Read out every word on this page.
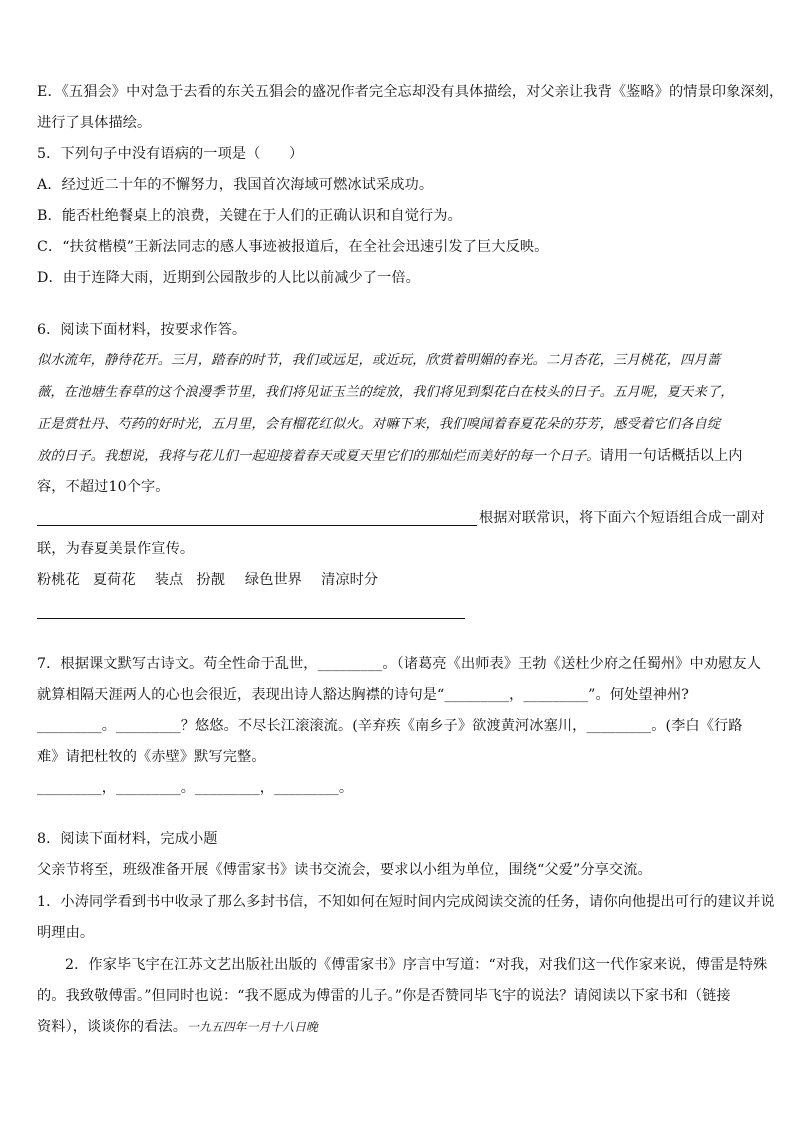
E．《五猖会》中对急于去看的东关五猖会的盛况作者完全忘却没有具体描绘，对父亲让我背《鉴略》的情景印象深刻，
进行了具体描绘。
5．下列句子中没有语病的一项是（　　）
A．经过近二十年的不懈努力，我国首次海域可燃冰试采成功。
B．能否杜绝餐桌上的浪费，关键在于人们的正确认识和自觉行为。
C．“扶贫楷模”王新法同志的感人事迹被报道后，在全社会迅速引发了巨大反映。
D．由于连降大雨，近期到公园散步的人比以前减少了一倍。
6．阅读下面材料，按要求作答。
似水流年，静待花开。三月，踏春的时节，我们或远足，或近玩，欣赏着明媚的春光。二月杏花，三月桃花，四月蔷
薇，在池塘生春草的这个浪漫季节里，我们将见证玉兰的绽放，我们将见到梨花白在枝头的日子。五月呢，夏天来了，
正是赏牡丹、芍药的好时光，五月里，会有榴花红似火。对嘛下来，我们嗅闻着春夏花朵的芬芳，感受着它们各自绽
放的日子。我想说，我将与花儿们一起迎接着春天或夏天里它们的那灿烂而美好的每一个日子。请用一句话概括以上内
容，不超过10个字。
根据对联常识，将下面六个短语组合成一副对
联，为春夏美景作宣传。
粉桃花 夏荷花 装点 扮靓 绿色世界 清凉时分
7．根据课文默写古诗文。苟全性命于乱世，_________。（诸葛亮《出师表》王勃《送杜少府之任蜀州》中劝慰友人
就算相隔天涯两人的心也会很近，表现出诗人豁达胸襟的诗句是“_________，_________”。何处望神州?
_________。_________？悠悠。不尽长江滚滚流。(辛弃疾《南乡子》欲渡黄河冰塞川，_________。(李白《行路
难》请把杜牧的《赤壁》默写完整。
_________，_________。_________，_________。
8．阅读下面材料，完成小题
父亲节将至，班级准备开展《傅雷家书》读书交流会，要求以小组为单位，围绕“父爱”分享交流。
1．小涛同学看到书中收录了那么多封书信，不知如何在短时间内完成阅读交流的任务，请你向他提出可行的建议并说
明理由。
2．作家毕飞宇在江苏文艺出版社出版的《傅雷家书》序言中写道：“对我，对我们这一代作家来说，傅雷是特殊
的。我致敬傅雷。”但同时也说：“我不愿成为傅雷的儿子。”你是否赞同毕飞宇的说法？请阅读以下家书和（链接
资料），谈谈你的看法。一九五四年一月十八日晚
